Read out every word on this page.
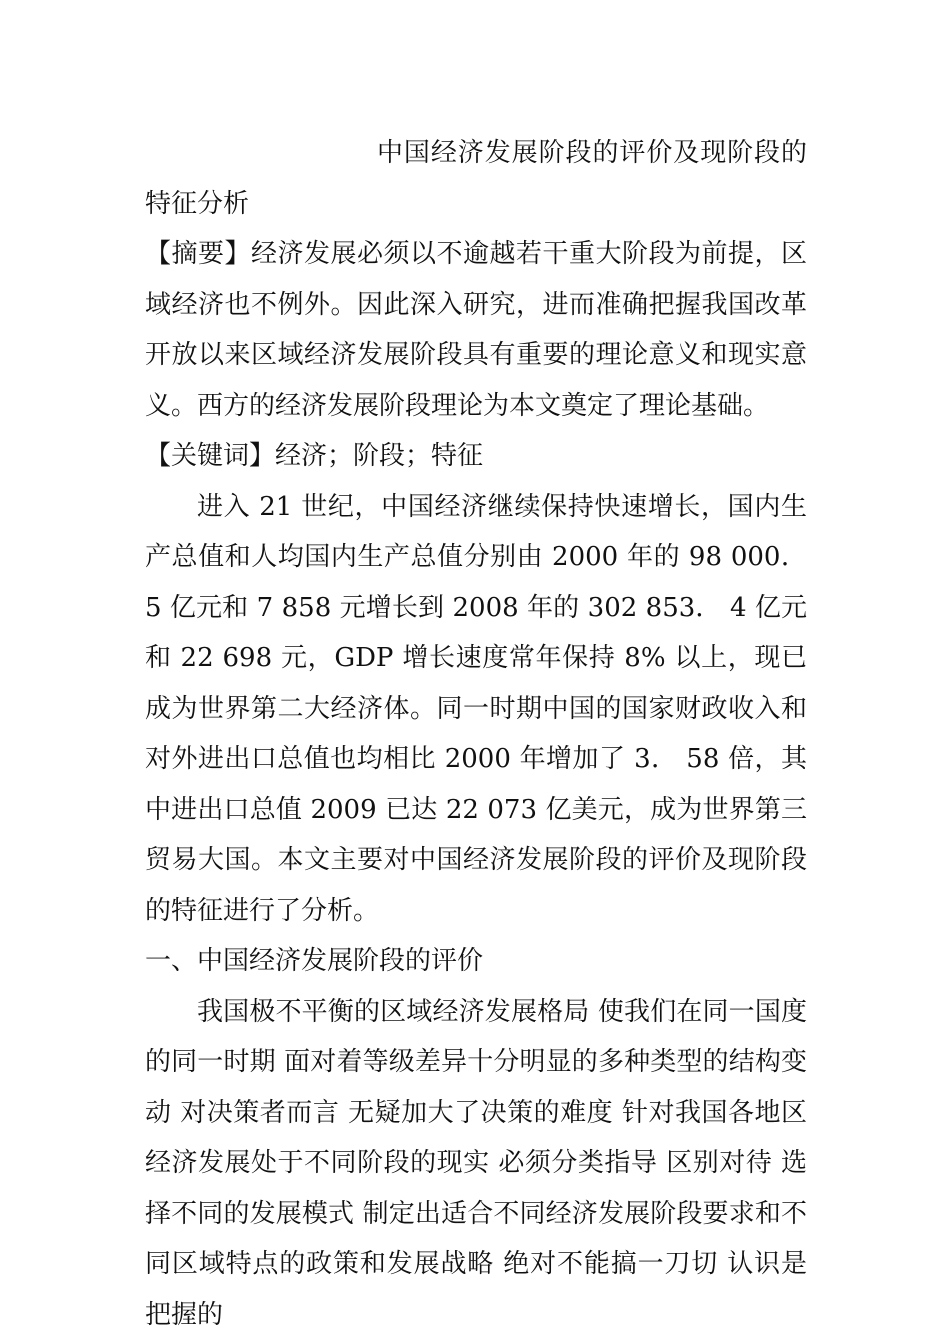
中国经济发展阶段的评价及现阶段的特征分析

【摘要】经济发展必须以不逾越若干重大阶段为前提，区域经济也不例外。因此深入研究，进而准确把握我国改革开放以来区域经济发展阶段具有重要的理论意义和现实意义。西方的经济发展阶段理论为本文奠定了理论基础。

【关键词】经济；阶段；特征

进入 21 世纪，中国经济继续保持快速增长，国内生产总值和人均国内生产总值分别由 2000 年的 98 000．5 亿元和 7 858 元增长到 2008 年的 302 853． 4 亿元和 22 698 元，GDP 增长速度常年保持 8% 以上，现已成为世界第二大经济体。同一时期中国的国家财政收入和对外进出口总值也均相比 2000 年增加了 3． 58 倍，其中进出口总值 2009 已达 22 073 亿美元，成为世界第三贸易大国。本文主要对中国经济发展阶段的评价及现阶段的特征进行了分析。

一、中国经济发展阶段的评价

我国极不平衡的区域经济发展格局 使我们在同一国度的同一时期 面对着等级差异十分明显的多种类型的结构变动 对决策者而言 无疑加大了决策的难度 针对我国各地区经济发展处于不同阶段的现实 必须分类指导 区别对待 选择不同的发展模式 制定出适合不同经济发展阶段要求和不同区域特点的政策和发展战略 绝对不能搞一刀切 认识是把握的
